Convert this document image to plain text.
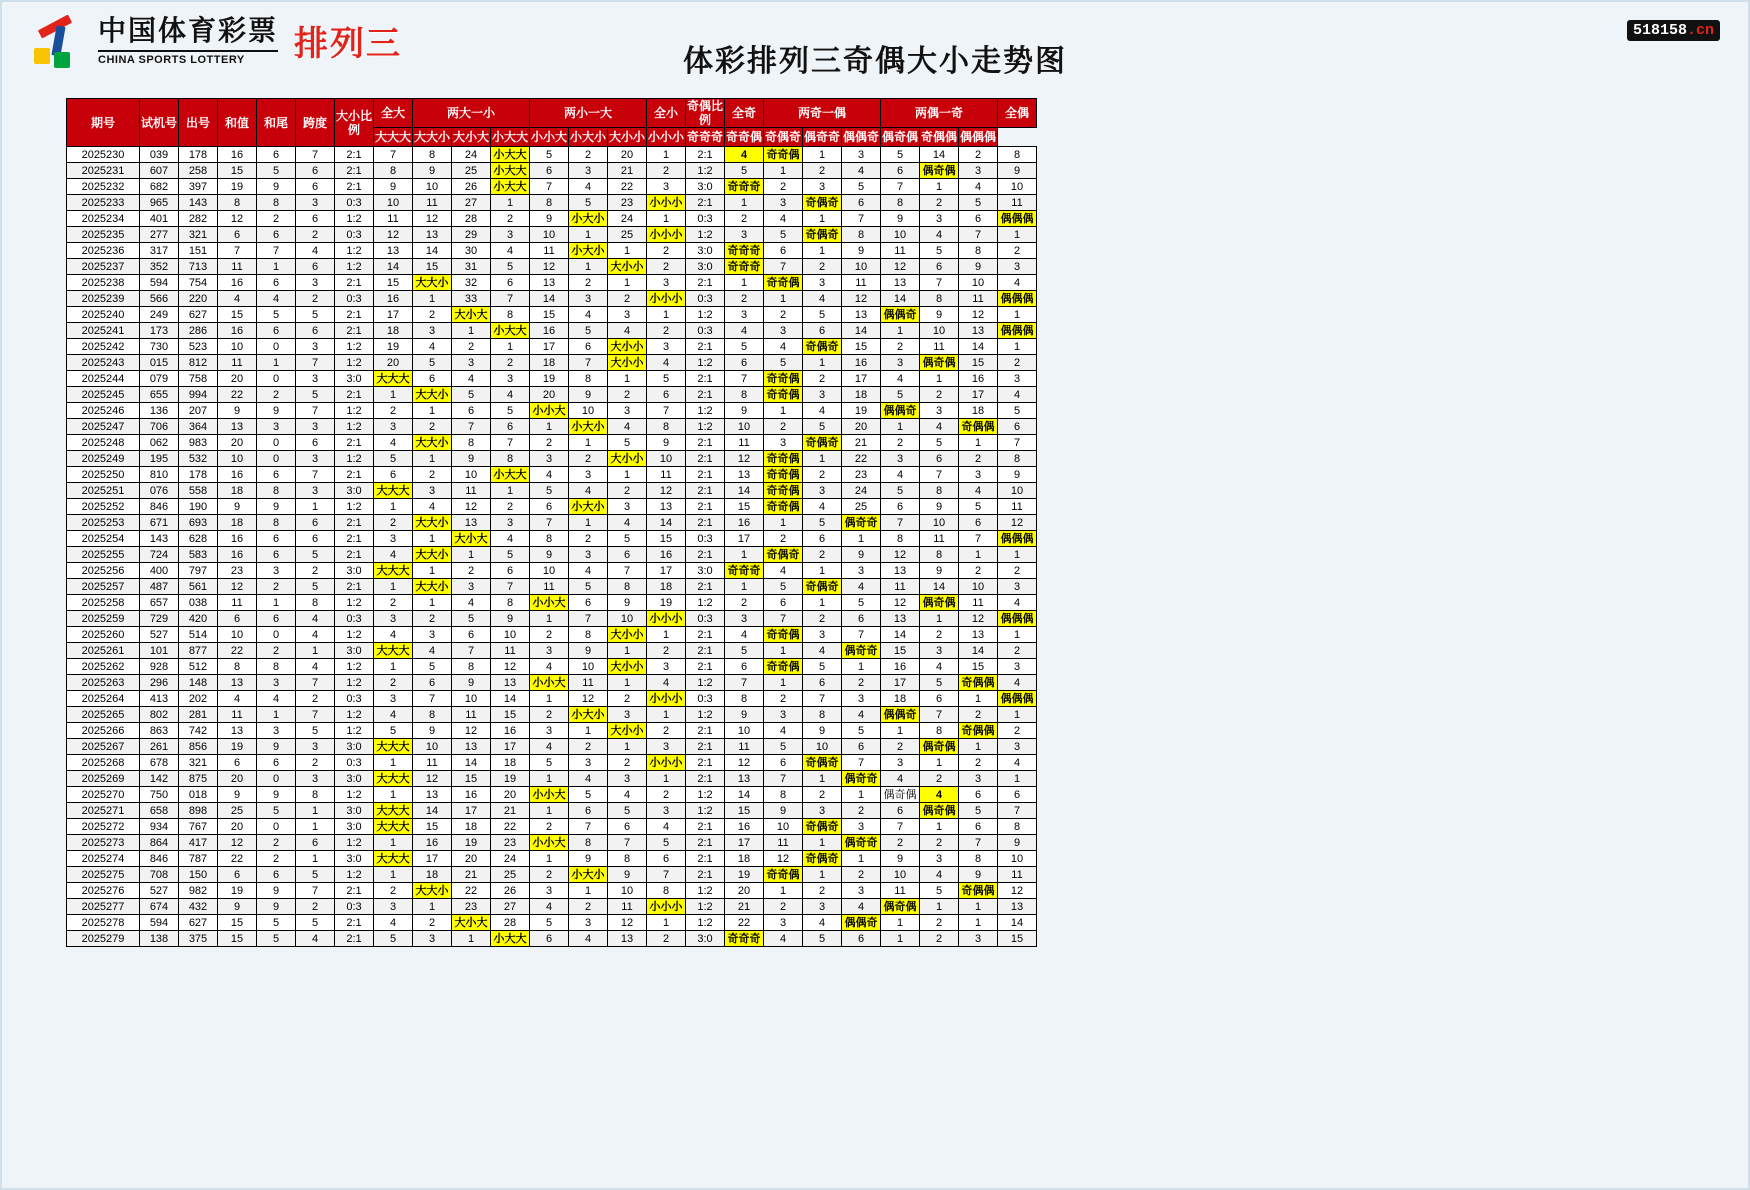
中国体育彩票
CHINA SPORTS LOTTERY	排列三	体彩排列三奇偶大小走势图
518158.cn
期号	试机号	出号	和值	和尾	跨度	大小比例	全大	两大一小			两小一大			全小	奇偶比例	全奇	两奇一偶			两偶一奇			全偶
							大大大	大大小	大小大	小大大	小小大	小大小	大小小	小小小	奇奇奇	奇奇偶	奇偶奇	偶奇奇	偶偶奇	偶奇偶	奇偶偶	偶偶偶	
2025230	039	178	16	6	7	2:1	7	8	24	小大大	5	2	20	1	2:1	4	奇奇偶	1	3	5	14	2	8
2025231	607	258	15	5	6	2:1	8	9	25	小大大	6	3	21	2	1:2	5	1	2	4	6	偶奇偶	3	9
2025232	682	397	19	9	6	2:1	9	10	26	小大大	7	4	22	3	3:0	奇奇奇	2	3	5	7	1	4	10
2025233	965	143	8	8	3	0:3	10	11	27	1	8	5	23	小小小	2:1	1	3	奇偶奇	6	8	2	5	11
2025234	401	282	12	2	6	1:2	11	12	28	2	9	小大小	24	1	0:3	2	4	1	7	9	3	6	偶偶偶
2025235	277	321	6	6	2	0:3	12	13	29	3	10	1	25	小小小	1:2	3	5	奇偶奇	8	10	4	7	1
2025236	317	151	7	7	4	1:2	13	14	30	4	11	小大小	1	2	3:0	奇奇奇	6	1	9	11	5	8	2
2025237	352	713	11	1	6	1:2	14	15	31	5	12	1	大小小	2	3:0	奇奇奇	7	2	10	12	6	9	3
2025238	594	754	16	6	3	2:1	15	大大小	32	6	13	2	1	3	2:1	1	奇奇偶	3	11	13	7	10	4
2025239	566	220	4	4	2	0:3	16	1	33	7	14	3	2	小小小	0:3	2	1	4	12	14	8	11	偶偶偶
2025240	249	627	15	5	5	2:1	17	2	大小大	8	15	4	3	1	1:2	3	2	5	13	偶偶奇	9	12	1
2025241	173	286	16	6	6	2:1	18	3	1	小大大	16	5	4	2	0:3	4	3	6	14	1	10	13	偶偶偶
2025242	730	523	10	0	3	1:2	19	4	2	1	17	6	大小小	3	2:1	5	4	奇偶奇	15	2	11	14	1
2025243	015	812	11	1	7	1:2	20	5	3	2	18	7	大小小	4	1:2	6	5	1	16	3	偶奇偶	15	2
2025244	079	758	20	0	3	3:0	大大大	6	4	3	19	8	1	5	2:1	7	奇奇偶	2	17	4	1	16	3
2025245	655	994	22	2	5	2:1	1	大大小	5	4	20	9	2	6	2:1	8	奇奇偶	3	18	5	2	17	4
2025246	136	207	9	9	7	1:2	2	1	6	5	小小大	10	3	7	1:2	9	1	4	19	偶偶奇	3	18	5
2025247	706	364	13	3	3	1:2	3	2	7	6	1	小大小	4	8	1:2	10	2	5	20	1	4	奇偶偶	6
2025248	062	983	20	0	6	2:1	4	大大小	8	7	2	1	5	9	2:1	11	3	奇偶奇	21	2	5	1	7
2025249	195	532	10	0	3	1:2	5	1	9	8	3	2	大小小	10	2:1	12	奇奇偶	1	22	3	6	2	8
2025250	810	178	16	6	7	2:1	6	2	10	小大大	4	3	1	11	2:1	13	奇奇偶	2	23	4	7	3	9
2025251	076	558	18	8	3	3:0	大大大	3	11	1	5	4	2	12	2:1	14	奇奇偶	3	24	5	8	4	10
2025252	846	190	9	9	1	1:2	1	4	12	2	6	小大小	3	13	2:1	15	奇奇偶	4	25	6	9	5	11
2025253	671	693	18	8	6	2:1	2	大大小	13	3	7	1	4	14	2:1	16	1	5	偶奇奇	7	10	6	12
2025254	143	628	16	6	6	2:1	3	1	大小大	4	8	2	5	15	0:3	17	2	6	1	8	11	7	偶偶偶
2025255	724	583	16	6	5	2:1	4	大大小	1	5	9	3	6	16	2:1	1	奇偶奇	2	9	12	8	1	1
2025256	400	797	23	3	2	3:0	大大大	1	2	6	10	4	7	17	3:0	奇奇奇	4	1	3	13	9	2	2
2025257	487	561	12	2	5	2:1	1	大大小	3	7	11	5	8	18	2:1	1	5	奇偶奇	4	11	14	10	3
2025258	657	038	11	1	8	1:2	2	1	4	8	小小大	6	9	19	1:2	2	6	1	5	12	偶奇偶	11	4
2025259	729	420	6	6	4	0:3	3	2	5	9	1	7	10	小小小	0:3	3	7	2	6	13	1	12	偶偶偶
2025260	527	514	10	0	4	1:2	4	3	6	10	2	8	大小小	1	2:1	4	奇奇偶	3	7	14	2	13	1
2025261	101	877	22	2	1	3:0	大大大	4	7	11	3	9	1	2	2:1	5	1	4	偶奇奇	15	3	14	2
2025262	928	512	8	8	4	1:2	1	5	8	12	4	10	大小小	3	2:1	6	奇奇偶	5	1	16	4	15	3
2025263	296	148	13	3	7	1:2	2	6	9	13	小小大	11	1	4	1:2	7	1	6	2	17	5	奇偶偶	4
2025264	413	202	4	4	2	0:3	3	7	10	14	1	12	2	小小小	0:3	8	2	7	3	18	6	1	偶偶偶
2025265	802	281	11	1	7	1:2	4	8	11	15	2	小大小	3	1	1:2	9	3	8	4	偶偶奇	7	2	1
2025266	863	742	13	3	5	1:2	5	9	12	16	3	1	大小小	2	2:1	10	4	9	5	1	8	奇偶偶	2
2025267	261	856	19	9	3	3:0	大大大	10	13	17	4	2	1	3	2:1	11	5	10	6	2	偶奇偶	1	3
2025268	678	321	6	6	2	0:3	1	11	14	18	5	3	2	小小小	2:1	12	6	奇偶奇	7	3	1	2	4
2025269	142	875	20	0	3	3:0	大大大	12	15	19	1	4	3	1	2:1	13	7	1	偶奇奇	4	2	3	1
2025270	750	018	9	9	8	1:2	1	13	16	20	小小大	5	4	2	1:2	14	8	2	1	偶奇偶	4	6	6
2025271	658	898	25	5	1	3:0	大大大	14	17	21	1	6	5	3	1:2	15	9	3	2	6	偶奇偶	5	7
2025272	934	767	20	0	1	3:0	大大大	15	18	22	2	7	6	4	2:1	16	10	奇偶奇	3	7	1	6	8
2025273	864	417	12	2	6	1:2	1	16	19	23	小小大	8	7	5	2:1	17	11	1	偶奇奇	2	2	7	9
2025274	846	787	22	2	1	3:0	大大大	17	20	24	1	9	8	6	2:1	18	12	奇偶奇	1	9	3	8	10
2025275	708	150	6	6	5	1:2	1	18	21	25	2	小大小	9	7	2:1	19	奇奇偶	1	2	10	4	9	11
2025276	527	982	19	9	7	2:1	2	大大小	22	26	3	1	10	8	1:2	20	1	2	3	11	5	奇偶偶	12
2025277	674	432	9	9	2	0:3	3	1	23	27	4	2	11	小小小	1:2	21	2	3	4	偶奇偶	1	1	13
2025278	594	627	15	5	5	2:1	4	2	大小大	28	5	3	12	1	1:2	22	3	4	偶偶奇	1	2	1	14
2025279	138	375	15	5	4	2:1	5	3	1	小大大	6	4	13	2	3:0	奇奇奇	4	5	6	1	2	3	15
